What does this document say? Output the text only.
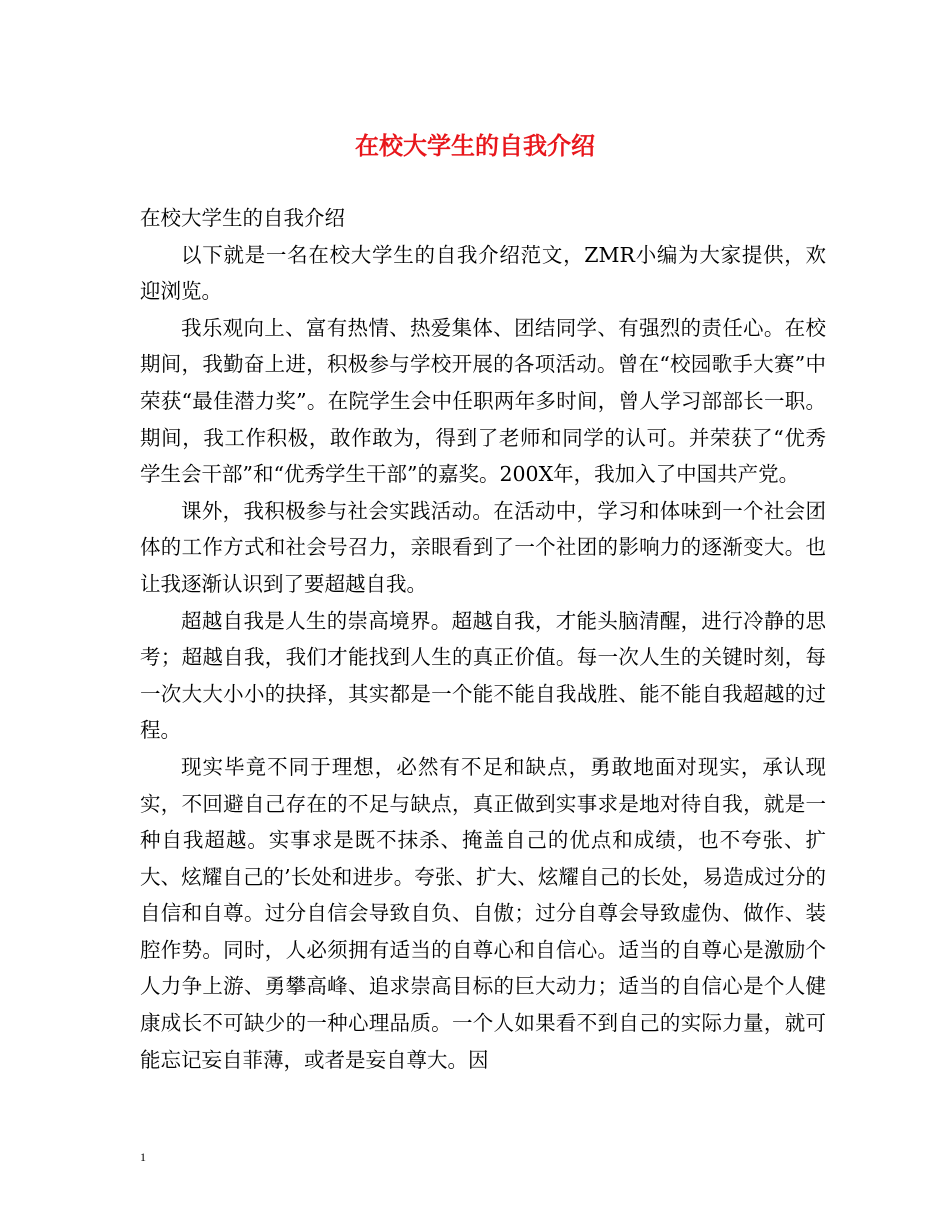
在校大学生的自我介绍

在校大学生的自我介绍

以下就是一名在校大学生的自我介绍范文，ZMR小编为大家提供，欢迎浏览。

我乐观向上、富有热情、热爱集体、团结同学、有强烈的责任心。在校期间，我勤奋上进，积极参与学校开展的各项活动。曾在“校园歌手大赛”中荣获“最佳潜力奖”。在院学生会中任职两年多时间，曾人学习部部长一职。期间，我工作积极，敢作敢为，得到了老师和同学的认可。并荣获了“优秀学生会干部”和“优秀学生干部”的嘉奖。200X年，我加入了中国共产党。

课外，我积极参与社会实践活动。在活动中，学习和体味到一个社会团体的工作方式和社会号召力，亲眼看到了一个社团的影响力的逐渐变大。也让我逐渐认识到了要超越自我。

超越自我是人生的崇高境界。超越自我，才能头脑清醒，进行冷静的思考；超越自我，我们才能找到人生的真正价值。每一次人生的关键时刻，每一次大大小小的抉择，其实都是一个能不能自我战胜、能不能自我超越的过程。

现实毕竟不同于理想，必然有不足和缺点，勇敢地面对现实，承认现实，不回避自己存在的不足与缺点，真正做到实事求是地对待自我，就是一种自我超越。实事求是既不抹杀、掩盖自己的优点和成绩，也不夸张、扩大、炫耀自己的’长处和进步。夸张、扩大、炫耀自己的长处，易造成过分的自信和自尊。过分自信会导致自负、自傲；过分自尊会导致虚伪、做作、装腔作势。同时，人必须拥有适当的自尊心和自信心。适当的自尊心是激励个人力争上游、勇攀高峰、追求崇高目标的巨大动力；适当的自信心是个人健康成长不可缺少的一种心理品质。一个人如果看不到自己的实际力量，就可能忘记妄自菲薄，或者是妄自尊大。因

1
